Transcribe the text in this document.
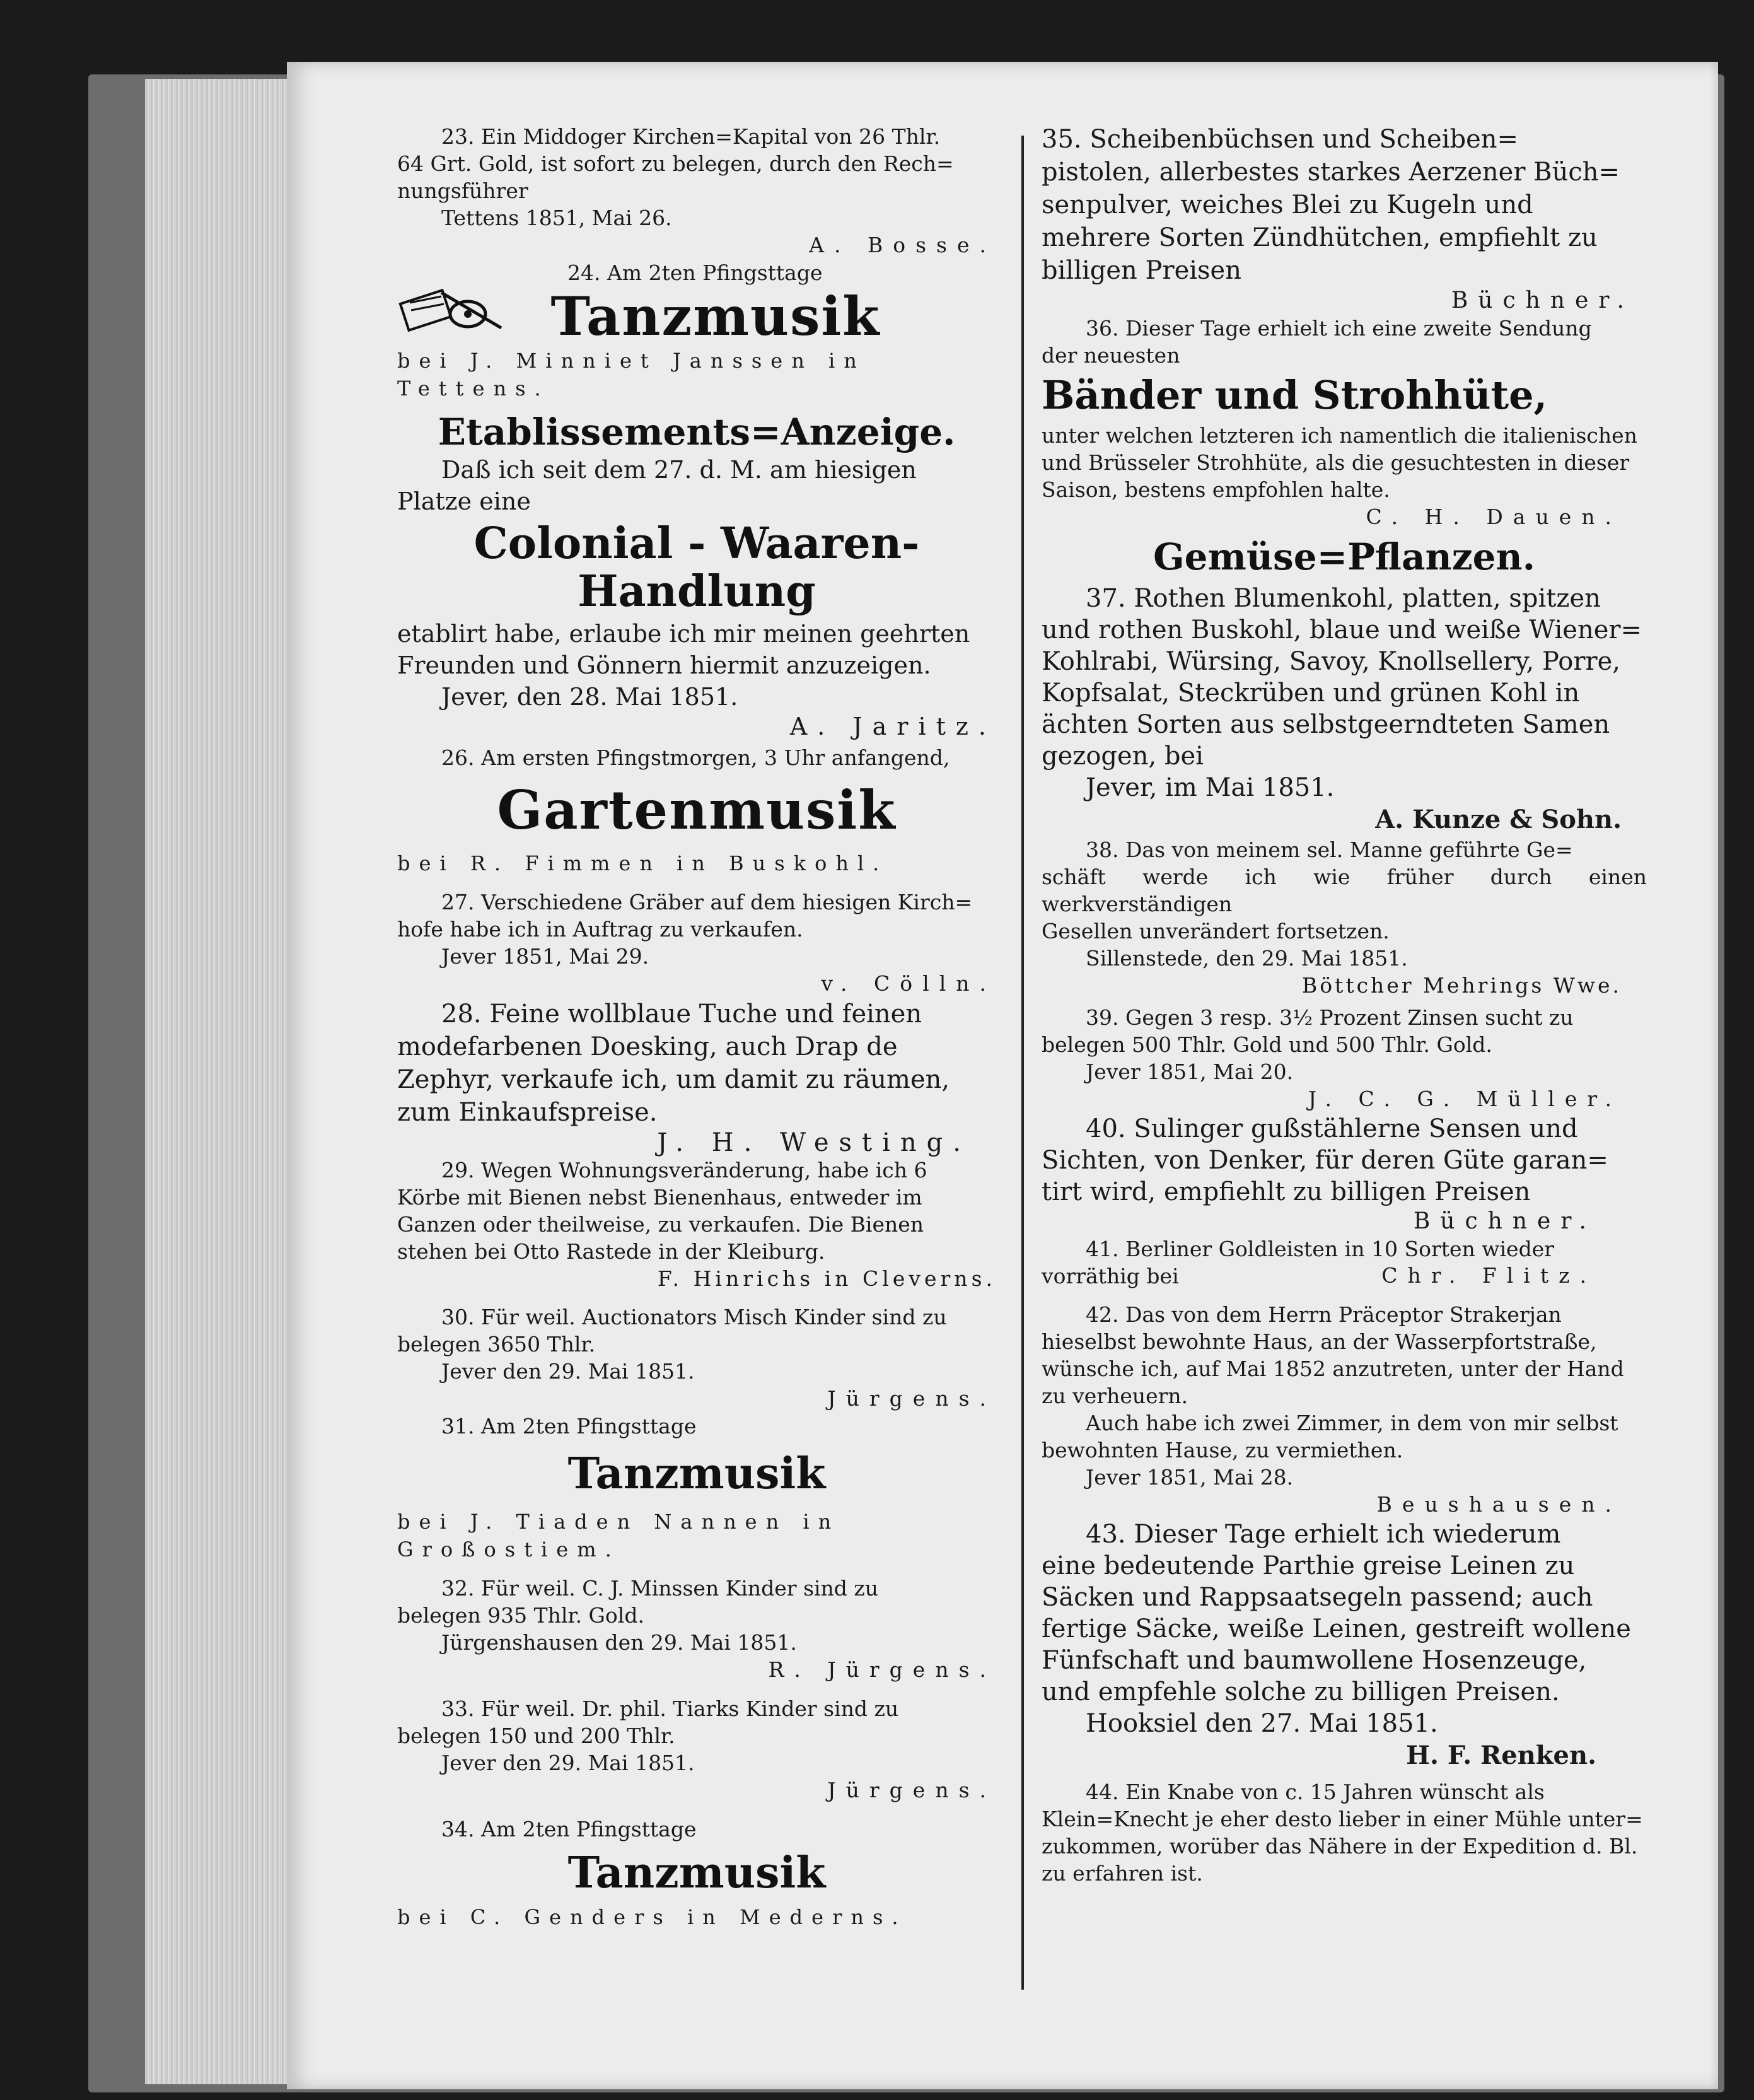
23. Ein Middoger Kirchen=Kapital von 26 Thlr.

64 Grt. Gold, ist sofort zu belegen, durch den Rech=

nungsführer

Tettens 1851, Mai 26.

A. Bosse.

24. Am 2ten Pfingsttage

Tanzmusik

bei J. Minniet Janssen in Tettens.

Etablissements=Anzeige.

Daß ich seit dem 27. d. M. am hiesigen

Platze eine

Colonial - Waaren-

Handlung

etablirt habe, erlaube ich mir meinen geehrten

Freunden und Gönnern hiermit anzuzeigen.

Jever, den 28. Mai 1851.

A. Jaritz.

26. Am ersten Pfingstmorgen, 3 Uhr anfangend,

Gartenmusik

bei R. Fimmen in Buskohl.

27. Verschiedene Gräber auf dem hiesigen Kirch=

hofe habe ich in Auftrag zu verkaufen.

Jever 1851, Mai 29.

v. Cölln.

28. Feine wollblaue Tuche und feinen

modefarbenen Doesking, auch Drap de

Zephyr, verkaufe ich, um damit zu räumen,

zum Einkaufspreise.

J. H. Westing.

29. Wegen Wohnungsveränderung, habe ich 6

Körbe mit Bienen nebst Bienenhaus, entweder im

Ganzen oder theilweise, zu verkaufen. Die Bienen

stehen bei Otto Rastede in der Kleiburg.

F. Hinrichs in Cleverns.

30. Für weil. Auctionators Misch Kinder sind zu

belegen 3650 Thlr.

Jever den 29. Mai 1851.

Jürgens.

31. Am 2ten Pfingsttage

Tanzmusik

bei J. Tiaden Nannen in Großostiem.

32. Für weil. C. J. Minssen Kinder sind zu

belegen 935 Thlr. Gold.

Jürgenshausen den 29. Mai 1851.

R. Jürgens.

33. Für weil. Dr. phil. Tiarks Kinder sind zu

belegen 150 und 200 Thlr.

Jever den 29. Mai 1851.

Jürgens.

34. Am 2ten Pfingsttage

Tanzmusik

bei C. Genders in Mederns.

35. Scheibenbüchsen und Scheiben=

pistolen, allerbestes starkes Aerzener Büch=

senpulver, weiches Blei zu Kugeln und

mehrere Sorten Zündhütchen, empfiehlt zu

billigen Preisen

Büchner.

36. Dieser Tage erhielt ich eine zweite Sendung

der neuesten

Bänder und Strohhüte,

unter welchen letzteren ich namentlich die italienischen

und Brüsseler Strohhüte, als die gesuchtesten in dieser

Saison, bestens empfohlen halte.

C. H. Dauen.

Gemüse=Pflanzen.

37. Rothen Blumenkohl, platten, spitzen

und rothen Buskohl, blaue und weiße Wiener=

Kohlrabi, Würsing, Savoy, Knollsellery, Porre,

Kopfsalat, Steckrüben und grünen Kohl in

ächten Sorten aus selbstgeerndteten Samen

gezogen, bei

Jever, im Mai 1851.

A. Kunze & Sohn.

38. Das von meinem sel. Manne geführte Ge=

schäft werde ich wie früher durch einen werkverständigen

Gesellen unverändert fortsetzen.

Sillenstede, den 29. Mai 1851.

Böttcher Mehrings Wwe.

39. Gegen 3 resp. 3½ Prozent Zinsen sucht zu

belegen 500 Thlr. Gold und 500 Thlr. Gold.

Jever 1851, Mai 20.

J. C. G. Müller.

40. Sulinger gußstählerne Sensen und

Sichten, von Denker, für deren Güte garan=

tirt wird, empfiehlt zu billigen Preisen

Büchner.

41. Berliner Goldleisten in 10 Sorten wieder

vorräthig bei	Chr. Flitz.

42. Das von dem Herrn Präceptor Strakerjan

hieselbst bewohnte Haus, an der Wasserpfortstraße,

wünsche ich, auf Mai 1852 anzutreten, unter der Hand

zu verheuern.

Auch habe ich zwei Zimmer, in dem von mir selbst

bewohnten Hause, zu vermiethen.

Jever 1851, Mai 28.

Beushausen.

43. Dieser Tage erhielt ich wiederum

eine bedeutende Parthie greise Leinen zu

Säcken und Rappsaatsegeln passend; auch

fertige Säcke, weiße Leinen, gestreift wollene

Fünfschaft und baumwollene Hosenzeuge,

und empfehle solche zu billigen Preisen.

Hooksiel den 27. Mai 1851.

H. F. Renken.

44. Ein Knabe von c. 15 Jahren wünscht als

Klein=Knecht je eher desto lieber in einer Mühle unter=

zukommen, worüber das Nähere in der Expedition d. Bl.

zu erfahren ist.
